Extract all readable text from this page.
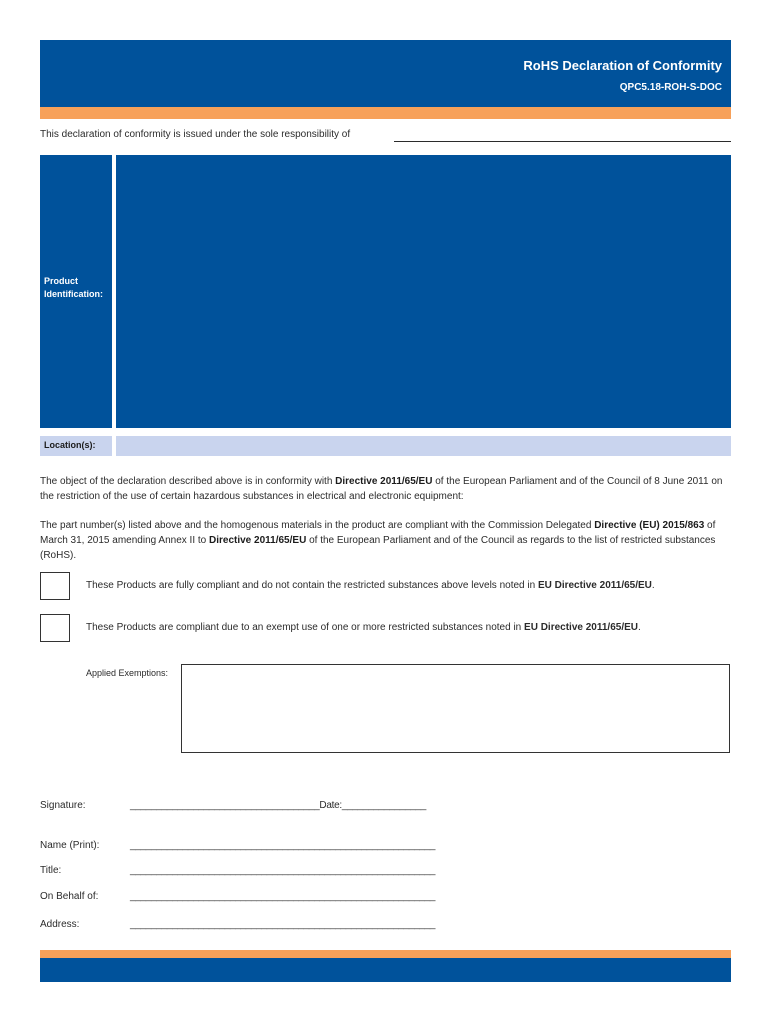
RoHS Declaration of Conformity
QPC5.18-ROH-S-DOC
This declaration of conformity is issued under the sole responsibility of
Product
Identification:
Location(s):

The object of the declaration described above is in conformity with Directive 2011/65/EU of the European Parliament and of the Council of 8 June 2011 on the restriction of the use of certain hazardous substances in electrical and electronic equipment:

The part number(s) listed above and the homogenous materials in the product are compliant with the Commission Delegated Directive (EU) 2015/863 of March 31, 2015 amending Annex II to Directive 2011/65/EU of the European Parliament and of the Council as regards to the list of restricted substances (RoHS).

These Products are fully compliant and do not contain the restricted substances above levels noted in EU Directive 2011/65/EU.
These Products are compliant due to an exempt use of one or more restricted substances noted in EU Directive 2011/65/EU.
Applied Exemptions:
Signature:	____________________________________Date:________________
Name (Print):	__________________________________________________________
Title:	__________________________________________________________
On Behalf of:	__________________________________________________________
Address:	__________________________________________________________
